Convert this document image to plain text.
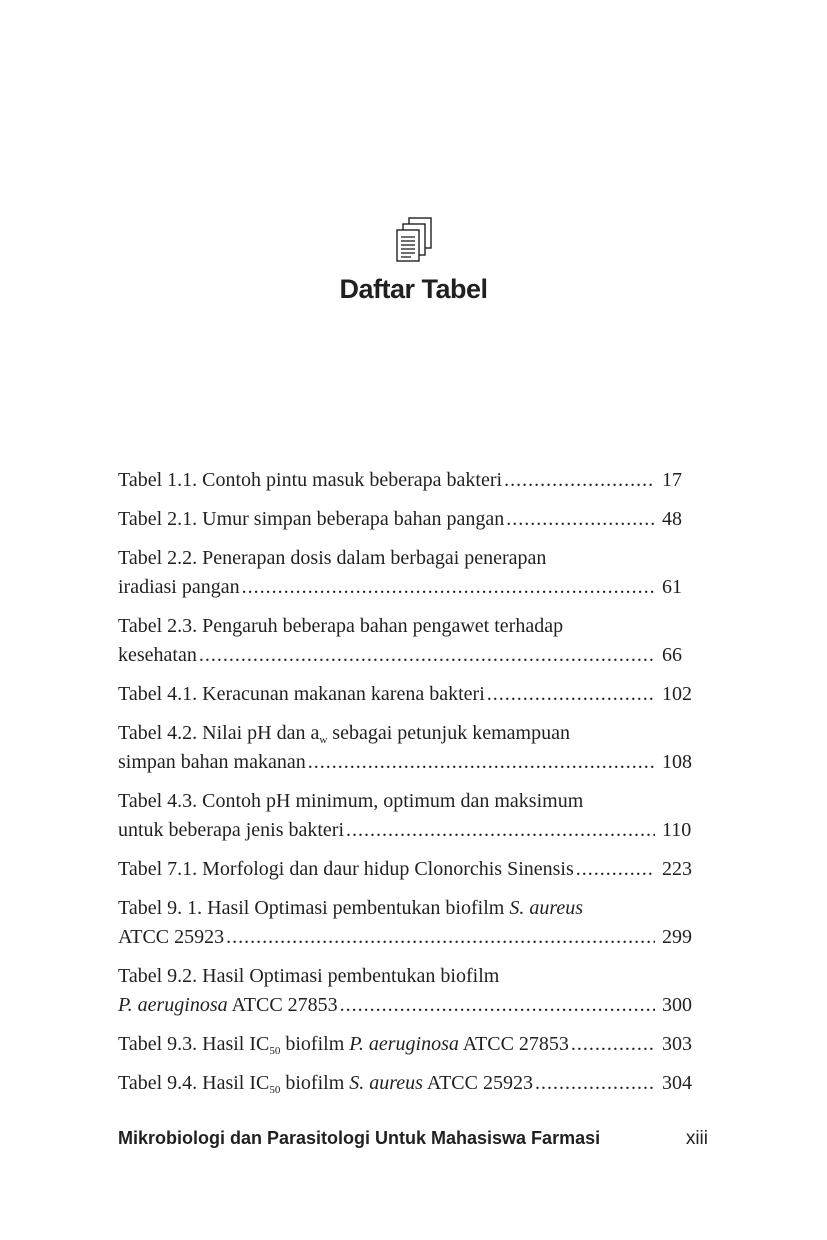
Daftar Tabel
Tabel 1.1. Contoh pintu masuk beberapa bakteri .....	17
Tabel 2.1. Umur simpan beberapa bahan pangan .....	48
Tabel 2.2. Penerapan dosis dalam berbagai penerapan
iradiasi pangan .....	61
Tabel 2.3. Pengaruh beberapa bahan pengawet terhadap
kesehatan .....	66
Tabel 4.1. Keracunan makanan karena bakteri .....	102
Tabel 4.2. Nilai pH dan $a_w$ sebagai petunjuk kemampuan
simpan bahan makanan .....	108
Tabel 4.3. Contoh pH minimum, optimum dan maksimum
untuk beberapa jenis bakteri .....	110
Tabel 7.1. Morfologi dan daur hidup Clonorchis Sinensis .....	223
Tabel 9. 1. Hasil Optimasi pembentukan biofilm S. aureus
ATCC 25923 .....	299
Tabel 9.2. Hasil Optimasi pembentukan biofilm
P. aeruginosa ATCC 27853 .....	300
Tabel 9.3. Hasil $IC_{50}$ biofilm P. aeruginosa ATCC 27853 .....	303
Tabel 9.4. Hasil $IC_{50}$ biofilm S. aureus ATCC 25923 .....	304
Mikrobiologi dan Parasitologi Untuk Mahasiswa Farmasi	xiii
